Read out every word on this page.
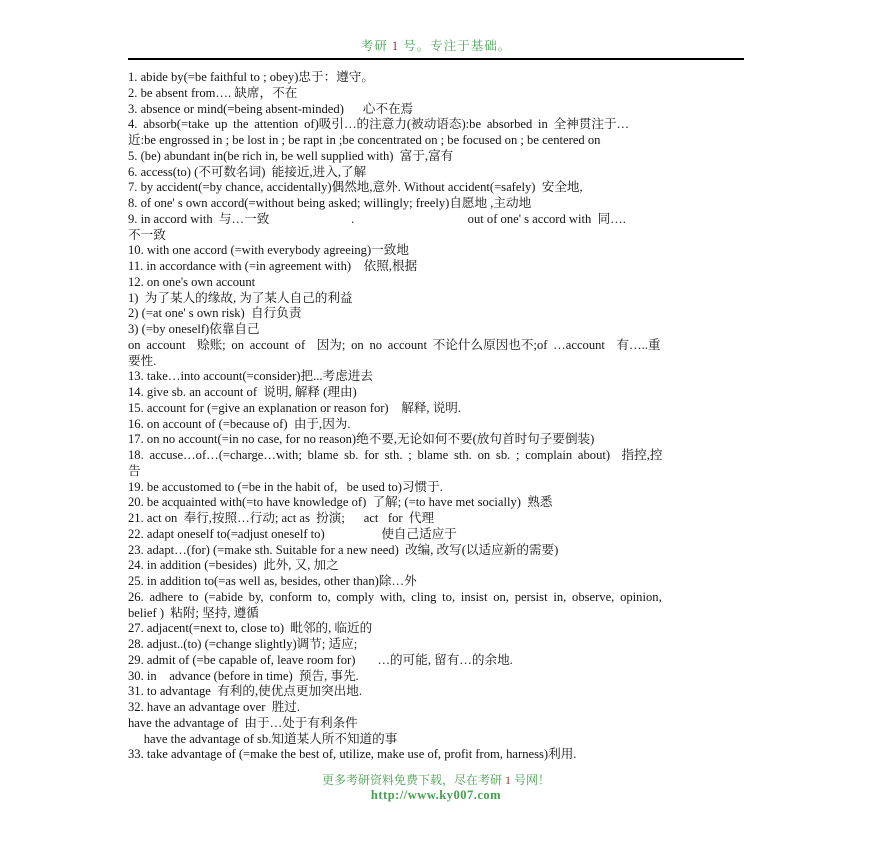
考研 1 号。专注于基础。
1. abide by(=be faithful to ; obey)忠于：遵守。
2. be absent from…. 缺席，不在
3. absence or mind(=being absent-minded)      心不在焉
4. absorb(=take up the attention of)吸引…的注意力(被动语态):be absorbed in 全神贯注于…
近:be engrossed in ; be lost in ; be rapt in ;be concentrated on ; be focused on ; be centered on
5. (be) abundant in(be rich in, be well supplied with)  富于,富有
6. access(to) (不可数名词)  能接近,进入,了解
7. by accident(=by chance, accidentally)偶然地,意外. Without accident(=safely)  安全地,
8. of one' s own accord(=without being asked; willingly; freely)自愿地 ,主动地
9. in accord with  与…一致                          .                                    out of one' s accord with  同….
不一致
10. with one accord (=with everybody agreeing)一致地
11. in accordance with (=in agreement with)    依照,根据
12. on one's own account
1)  为了某人的缘故, 为了某人自己的利益
2) (=at one' s own risk)  自行负责
3) (=by oneself)依靠自己
on account  赊账; on account of  因为; on no account 不论什么原因也不;of …account  有…..重
要性.
13. take…into account(=consider)把...考虑进去
14. give sb. an account of  说明, 解释 (理由)
15. account for (=give an explanation or reason for)    解释, 说明.
16. on account of (=because of)  由于,因为.
17. on no account(=in no case, for no reason)绝不要,无论如何不要(放句首时句子要倒装)
18. accuse…of…(=charge…with; blame sb. for sth. ; blame sth. on sb. ; complain about)  指控,控
告
19. be accustomed to (=be in the habit of,   be used to)习惯于.
20. be acquainted with(=to have knowledge of)  了解; (=to have met socially)  熟悉
21. act on  奉行,按照…行动; act as  扮演;      act   for  代理
22. adapt oneself to(=adjust oneself to)                  使自己适应于
23. adapt…(for) (=make sth. Suitable for a new need)  改编, 改写(以适应新的需要)
24. in addition (=besides)  此外, 又, 加之
25. in addition to(=as well as, besides, other than)除…外
26. adhere to (=abide by, conform to, comply with, cling to, insist on, persist in, observe, opinion,
belief )  粘附; 坚持, 遵循
27. adjacent(=next to, close to)  毗邻的, 临近的
28. adjust..(to) (=change slightly)调节; 适应;
29. admit of (=be capable of, leave room for)       …的可能, 留有…的余地.
30. in    advance (before in time)  预告, 事先.
31. to advantage  有利的,使优点更加突出地.
32. have an advantage over  胜过.
have the advantage of  由于…处于有利条件
have the advantage of sb.知道某人所不知道的事
33. take advantage of (=make the best of, utilize, make use of, profit from, harness)利用.
更多考研资料免费下载，尽在考研 1 号网！
http://www.ky007.com
